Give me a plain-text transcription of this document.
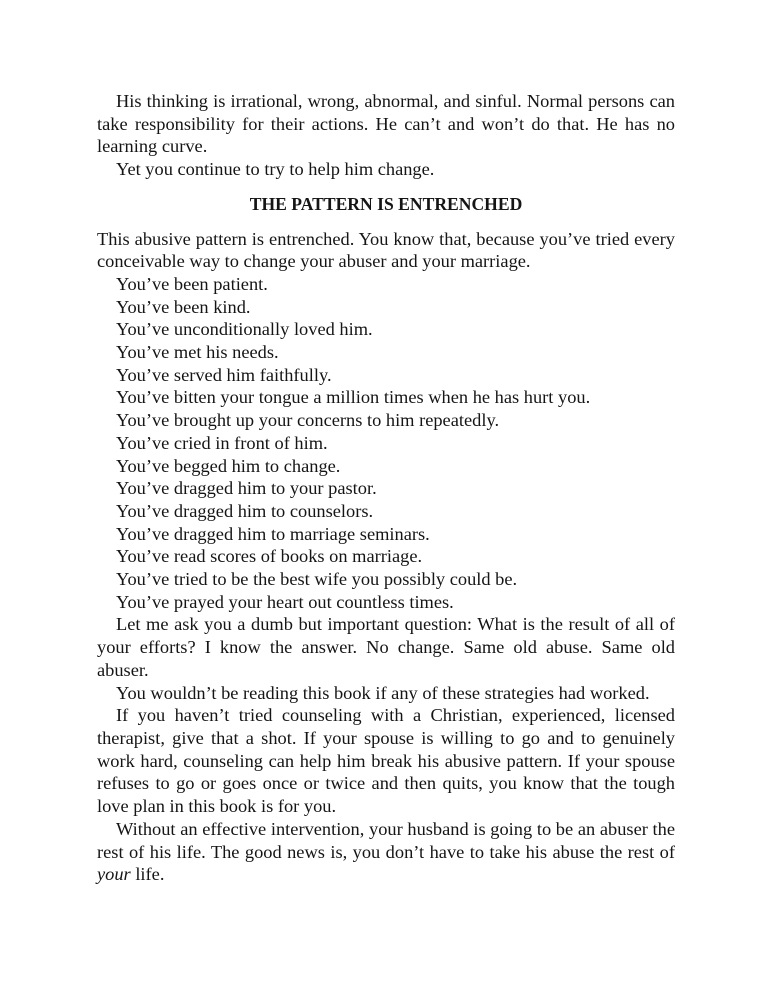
His thinking is irrational, wrong, abnormal, and sinful. Normal persons can take responsibility for their actions. He can’t and won’t do that. He has no learning curve.

Yet you continue to try to help him change.

THE PATTERN IS ENTRENCHED

This abusive pattern is entrenched. You know that, because you’ve tried every conceivable way to change your abuser and your marriage.

You’ve been patient.

You’ve been kind.

You’ve unconditionally loved him.

You’ve met his needs.

You’ve served him faithfully.

You’ve bitten your tongue a million times when he has hurt you.

You’ve brought up your concerns to him repeatedly.

You’ve cried in front of him.

You’ve begged him to change.

You’ve dragged him to your pastor.

You’ve dragged him to counselors.

You’ve dragged him to marriage seminars.

You’ve read scores of books on marriage.

You’ve tried to be the best wife you possibly could be.

You’ve prayed your heart out countless times.

Let me ask you a dumb but important question: What is the result of all of your efforts? I know the answer. No change. Same old abuse. Same old abuser.

You wouldn’t be reading this book if any of these strategies had worked.

If you haven’t tried counseling with a Christian, experienced, licensed therapist, give that a shot. If your spouse is willing to go and to genuinely work hard, counseling can help him break his abusive pattern. If your spouse refuses to go or goes once or twice and then quits, you know that the tough love plan in this book is for you.

Without an effective intervention, your husband is going to be an abuser the rest of his life. The good news is, you don’t have to take his abuse the rest of your life.
